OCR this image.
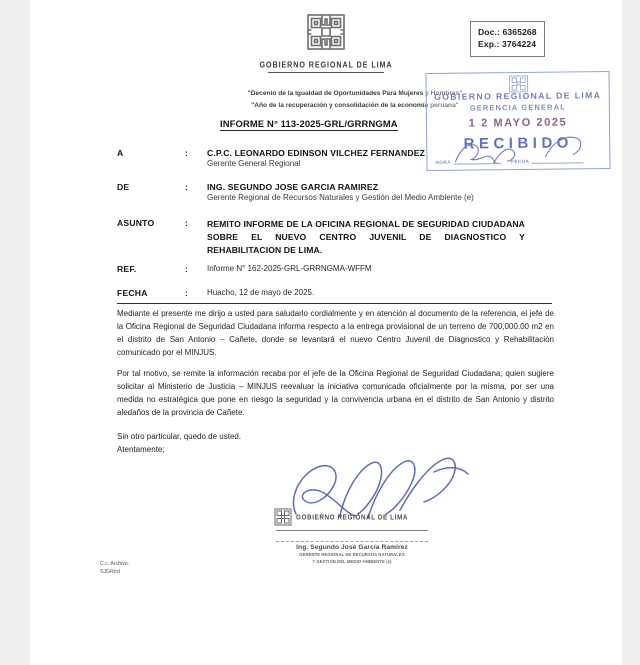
GOBIERNO REGIONAL DE LIMA
Doc.: 6365268
Exp.: 3764224
"Decenio de la Igualdad de Oportunidades Para Mujeres y Hombres"
"Año de la recuperación y consolidación de la economía peruana"
INFORME N° 113-2025-GRL/GRRNGMA
A	:	C.P.C. LEONARDO EDINSON VILCHEZ FERNANDEZ
Gerente General Regional
DE	:	ING. SEGUNDO JOSE GARCIA RAMIREZ
Gerente Regional de Recursos Naturales y Gestión del Medio Ambiente (e)
ASUNTO	:	REMITO INFORME DE LA OFICINA REGIONAL DE SEGURIDAD CIUDADANA SOBRE EL NUEVO CENTRO JUVENIL DE DIAGNOSTICO Y REHABILITACION DE LIMA.
REF.	:	Informe N° 162-2025-GRL-GRRNGMA-WFFM
FECHA	:	Huacho, 12 de mayo de 2025.
Mediante el presente me dirijo a usted para saludarlo cordialmente y en atención al documento de la referencia, el jefe de la Oficina Regional de Seguridad Ciudadana informa respecto a la entrega provisional de un terreno de 700,000.00 m2 en el distrito de San Antonio – Cañete, donde se levantará el nuevo Centro Juvenil de Diagnostico y Rehabilitación comunicado por el MINJUS.
Por tal motivo, se remite la información recaba por el jefe de la Oficina Regional de Seguridad Ciudadana, quien sugiere solicitar al Ministerio de Justicia – MINJUS reevaluar la iniciativa comunicada oficialmente por la misma, por ser una medida no estratégica que pone en riesgo la seguridad y la convivencia urbana en el distrito de San Antonio y distrito aledaños de la provincia de Cañete.
Sin otro particular, quedo de usted.
Atentamente;
GOBIERNO REGIONAL DE LIMA
Ing. Segundo José García Ramírez
GERENTE REGIONAL DE RECURSOS NATURALES
Y GESTIÓN DEL MEDIO AMBIENTE (e)
C.c. Archivo.
SJGR/rd
GOBIERNO REGIONAL DE LIMA
GERENCIA GENERAL
1 2 MAYO 2025
RECIBIDO
HORA	FECHA
